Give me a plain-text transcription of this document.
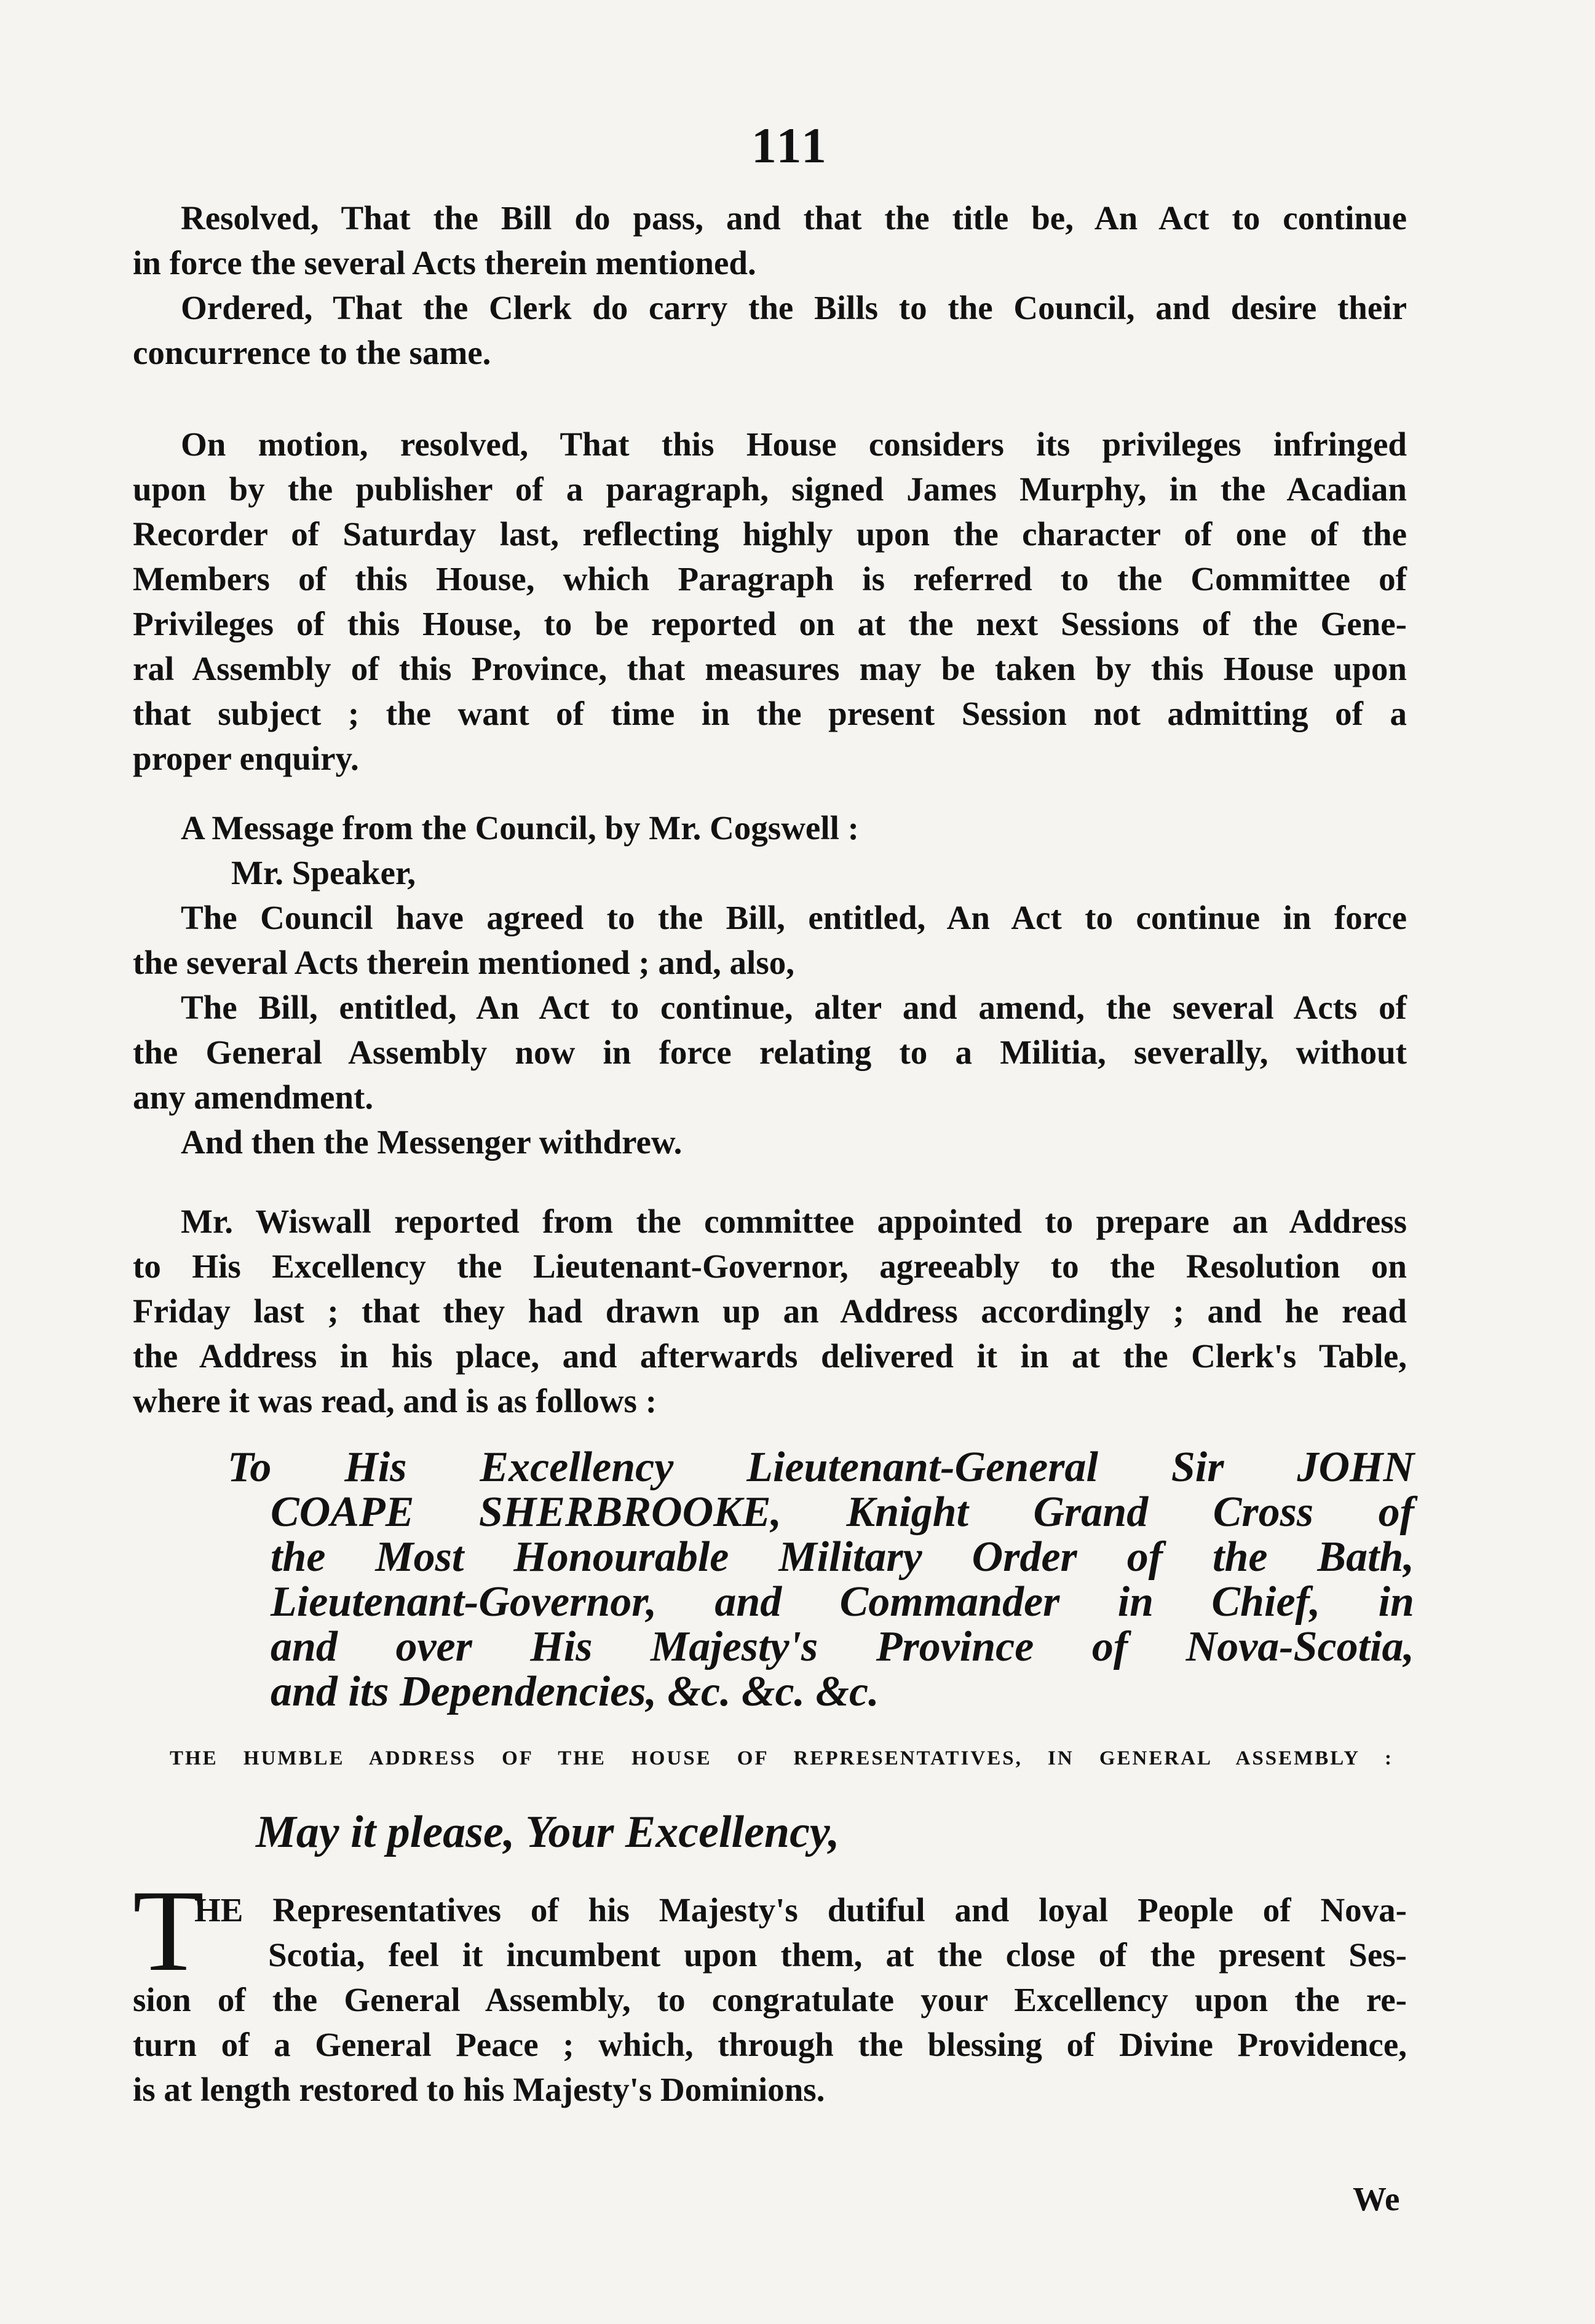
111
Resolved, That the Bill do pass, and that the title be, An Act to continue
in force the several Acts therein mentioned.
Ordered, That the Clerk do carry the Bills to the Council, and desire their
concurrence to the same.
On motion, resolved, That this House considers its privileges infringed
upon by the publisher of a paragraph, signed James Murphy, in the Acadian
Recorder of Saturday last, reflecting highly upon the character of one of the
Members of this House, which Paragraph is referred to the Committee of
Privileges of this House, to be reported on at the next Sessions of the Gene-
ral Assembly of this Province, that measures may be taken by this House upon
that subject ; the want of time in the present Session not admitting of a
proper enquiry.
A Message from the Council, by Mr. Cogswell :
Mr. Speaker,
The Council have agreed to the Bill, entitled, An Act to continue in force
the several Acts therein mentioned ; and, also,
The Bill, entitled, An Act to continue, alter and amend, the several Acts of
the General Assembly now in force relating to a Militia, severally, without
any amendment.
And then the Messenger withdrew.
Mr. Wiswall reported from the committee appointed to prepare an Address
to His Excellency the Lieutenant-Governor, agreeably to the Resolution on
Friday last ; that they had drawn up an Address accordingly ; and he read
the Address in his place, and afterwards delivered it in at the Clerk's Table,
where it was read, and is as follows :
To His Excellency Lieutenant-General Sir JOHN
COAPE SHERBROOKE, Knight Grand Cross of
the Most Honourable Military Order of the Bath,
Lieutenant-Governor, and Commander in Chief, in
and over His Majesty's Province of Nova-Scotia,
and its Dependencies, &c. &c. &c.
THE HUMBLE ADDRESS OF THE HOUSE OF REPRESENTATIVES, IN GENERAL ASSEMBLY :
May it please, Your Excellency,
T
HE Representatives of his Majesty's dutiful and loyal People of Nova-
Scotia, feel it incumbent upon them, at the close of the present Ses-
sion of the General Assembly, to congratulate your Excellency upon the re-
turn of a General Peace ; which, through the blessing of Divine Providence,
is at length restored to his Majesty's Dominions.
We
